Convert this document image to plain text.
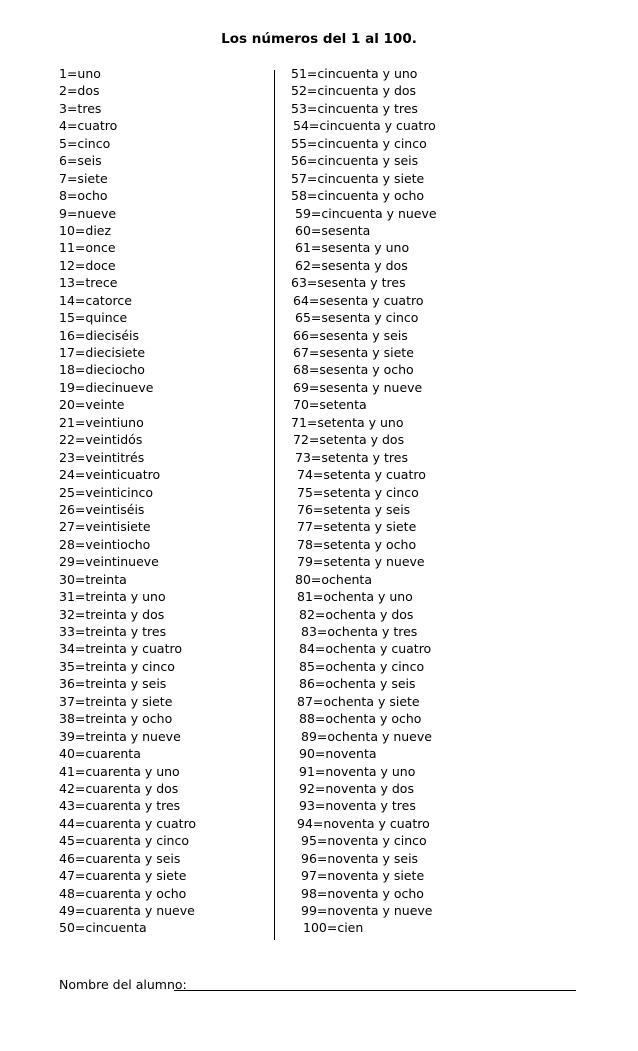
Los números del 1 al 100.
1=uno
2=dos
3=tres
4=cuatro
5=cinco
6=seis
7=siete
8=ocho
9=nueve
10=diez
11=once
12=doce
13=trece
14=catorce
15=quince
16=dieciséis
17=diecisiete
18=dieciocho
19=diecinueve
20=veinte
21=veintiuno
22=veintidós
23=veintitrés
24=veinticuatro
25=veinticinco
26=veintiséis
27=veintisiete
28=veintiocho
29=veintinueve
30=treinta
31=treinta y uno
32=treinta y dos
33=treinta y tres
34=treinta y cuatro
35=treinta y cinco
36=treinta y seis
37=treinta y siete
38=treinta y ocho
39=treinta y nueve
40=cuarenta
41=cuarenta y uno
42=cuarenta y dos
43=cuarenta y tres
44=cuarenta y cuatro
45=cuarenta y cinco
46=cuarenta y seis
47=cuarenta y siete
48=cuarenta y ocho
49=cuarenta y nueve
50=cincuenta
51=cincuenta y uno
52=cincuenta y dos
53=cincuenta y tres
54=cincuenta y cuatro
55=cincuenta y cinco
56=cincuenta y seis
57=cincuenta y siete
58=cincuenta y ocho
59=cincuenta y nueve
60=sesenta
61=sesenta y uno
62=sesenta y dos
63=sesenta y tres
64=sesenta y cuatro
65=sesenta y cinco
66=sesenta y seis
67=sesenta y siete
68=sesenta y ocho
69=sesenta y nueve
70=setenta
71=setenta y uno
72=setenta y dos
73=setenta y tres
74=setenta y cuatro
75=setenta y cinco
76=setenta y seis
77=setenta y siete
78=setenta y ocho
79=setenta y nueve
80=ochenta
81=ochenta y uno
82=ochenta y dos
83=ochenta y tres
84=ochenta y cuatro
85=ochenta y cinco
86=ochenta y seis
87=ochenta y siete
88=ochenta y ocho
89=ochenta y nueve
90=noventa
91=noventa y uno
92=noventa y dos
93=noventa y tres
94=noventa y cuatro
95=noventa y cinco
96=noventa y seis
97=noventa y siete
98=noventa y ocho
99=noventa y nueve
100=cien
Nombre del alumno:
